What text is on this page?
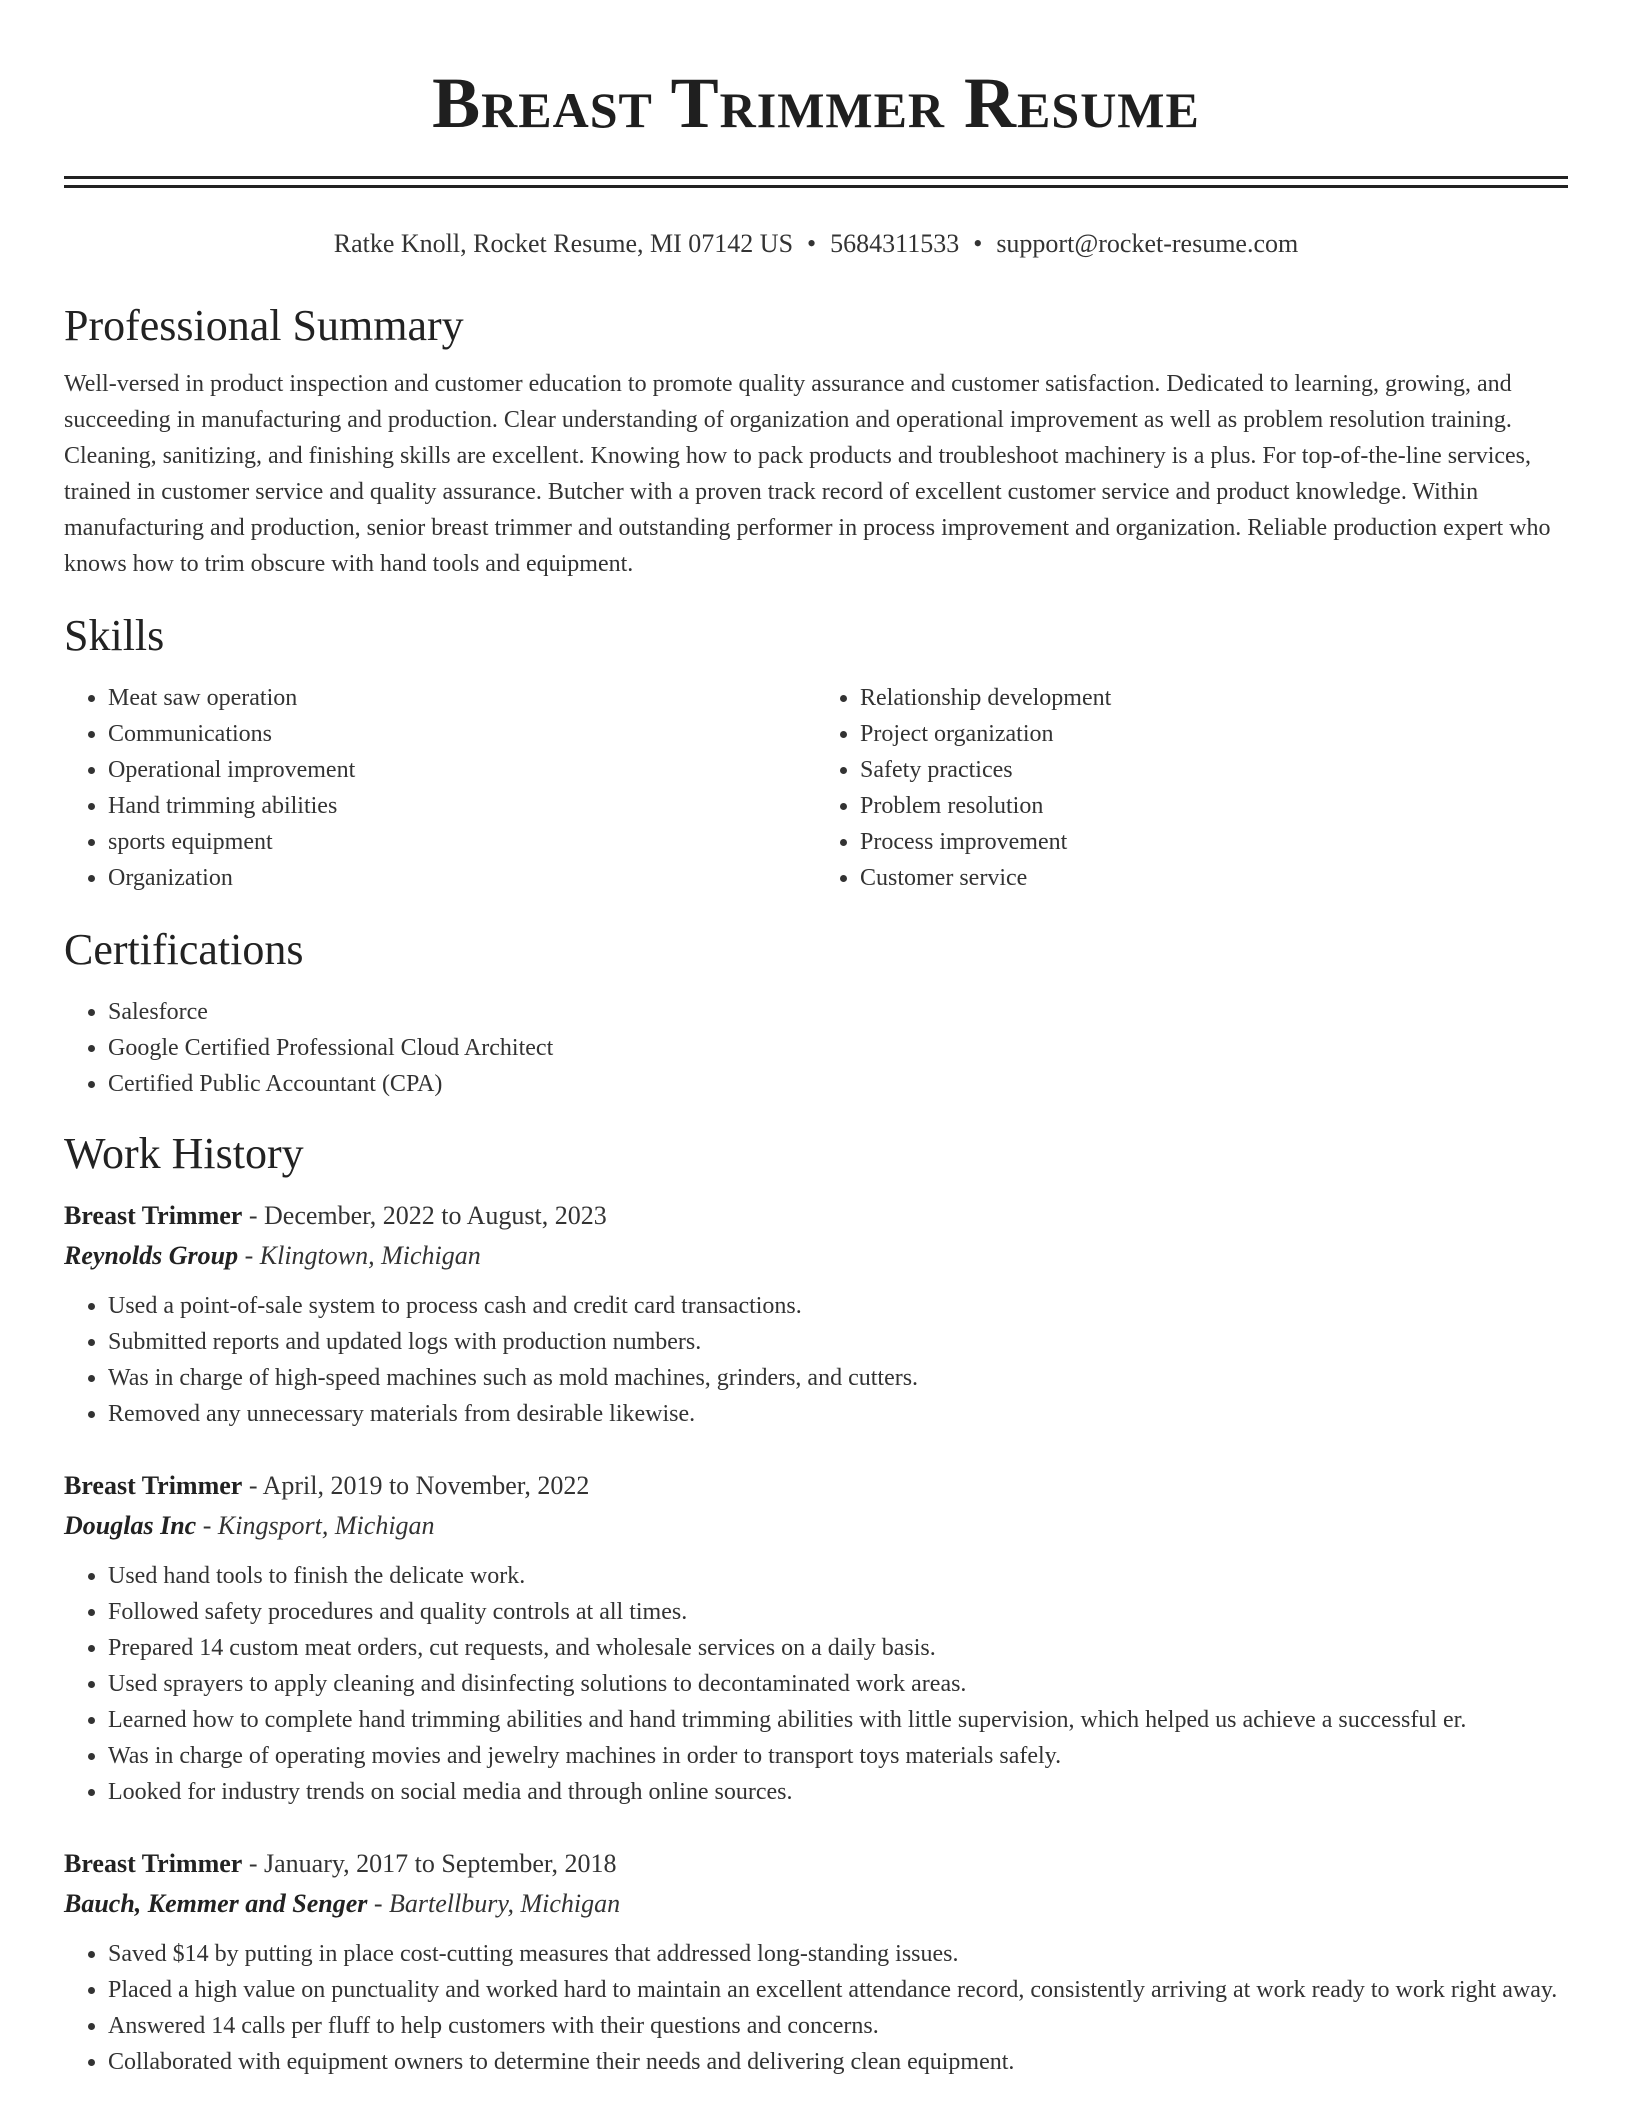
Breast Trimmer Resume
Ratke Knoll, Rocket Resume, MI 07142 US • 5684311533 • support@rocket-resume.com
Professional Summary

Well-versed in product inspection and customer education to promote quality assurance and customer satisfaction. Dedicated to learning, growing, and succeeding in manufacturing and production. Clear understanding of organization and operational improvement as well as problem resolution training. Cleaning, sanitizing, and finishing skills are excellent. Knowing how to pack products and troubleshoot machinery is a plus. For top-of-the-line services, trained in customer service and quality assurance. Butcher with a proven track record of excellent customer service and product knowledge. Within manufacturing and production, senior breast trimmer and outstanding performer in process improvement and organization. Reliable production expert who knows how to trim obscure with hand tools and equipment.

Skills
• Meat saw operation
• Communications
• Operational improvement
• Hand trimming abilities
• sports equipment
• Organization
• Relationship development
• Project organization
• Safety practices
• Problem resolution
• Process improvement
• Customer service
Certifications
• Salesforce
• Google Certified Professional Cloud Architect
• Certified Public Accountant (CPA)
Work History
Breast Trimmer - December, 2022 to August, 2023
Reynolds Group - Klingtown, Michigan
• Used a point-of-sale system to process cash and credit card transactions.
• Submitted reports and updated logs with production numbers.
• Was in charge of high-speed machines such as mold machines, grinders, and cutters.
• Removed any unnecessary materials from desirable likewise.
Breast Trimmer - April, 2019 to November, 2022
Douglas Inc - Kingsport, Michigan
• Used hand tools to finish the delicate work.
• Followed safety procedures and quality controls at all times.
• Prepared 14 custom meat orders, cut requests, and wholesale services on a daily basis.
• Used sprayers to apply cleaning and disinfecting solutions to decontaminated work areas.
• Learned how to complete hand trimming abilities and hand trimming abilities with little supervision, which helped us achieve a successful er.
• Was in charge of operating movies and jewelry machines in order to transport toys materials safely.
• Looked for industry trends on social media and through online sources.
Breast Trimmer - January, 2017 to September, 2018
Bauch, Kemmer and Senger - Bartellbury, Michigan
• Saved $14 by putting in place cost-cutting measures that addressed long-standing issues.
• Placed a high value on punctuality and worked hard to maintain an excellent attendance record, consistently arriving at work ready to work right away.
• Answered 14 calls per fluff to help customers with their questions and concerns.
• Collaborated with equipment owners to determine their needs and delivering clean equipment.
